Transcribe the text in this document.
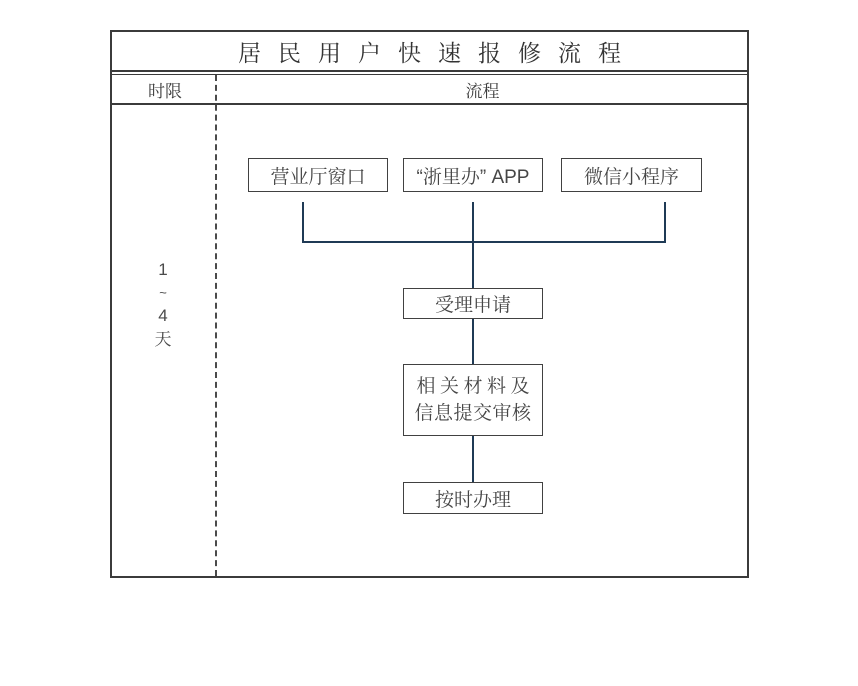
居民用户快速报修流程
时限	流程
1
~
4
天
营业厅窗口	“浙里办” APP	微信小程序
受理申请
相关材料及
信息提交审核
按时办理
